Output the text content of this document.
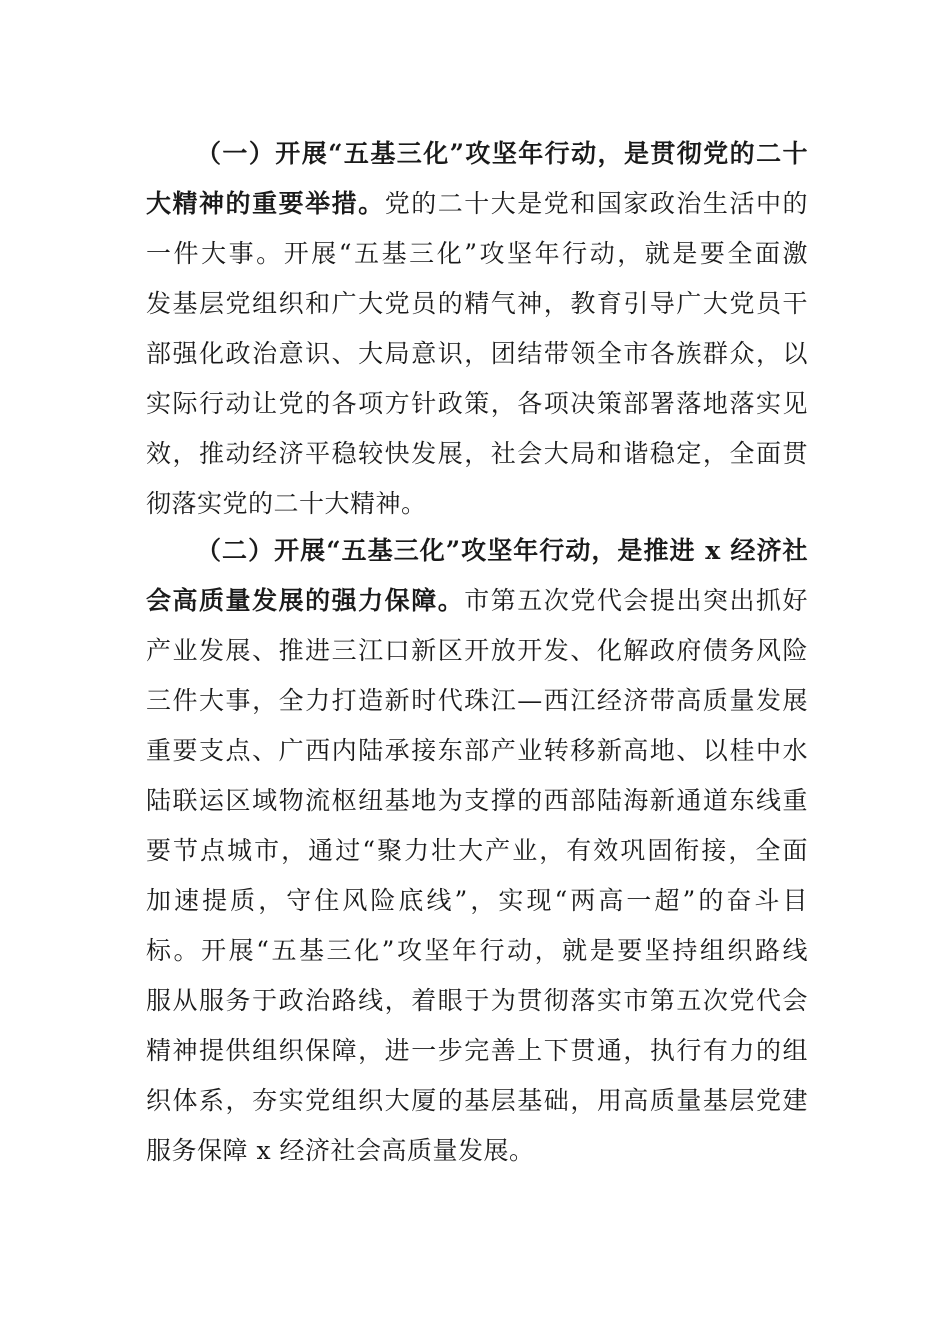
（一）开展“五基三化”攻坚年行动，是贯彻党的二十
大精神的重要举措。党的二十大是党和国家政治生活中的
一件大事。开展“五基三化”攻坚年行动，就是要全面激
发基层党组织和广大党员的精气神，教育引导广大党员干
部强化政治意识、大局意识，团结带领全市各族群众，以
实际行动让党的各项方针政策，各项决策部署落地落实见
效，推动经济平稳较快发展，社会大局和谐稳定，全面贯
彻落实党的二十大精神。
（二）开展“五基三化”攻坚年行动，是推进 x 经济社
会高质量发展的强力保障。市第五次党代会提出突出抓好
产业发展、推进三江口新区开放开发、化解政府债务风险
三件大事，全力打造新时代珠江—西江经济带高质量发展
重要支点、广西内陆承接东部产业转移新高地、以桂中水
陆联运区域物流枢纽基地为支撑的西部陆海新通道东线重
要节点城市，通过“聚力壮大产业，有效巩固衔接，全面
加速提质，守住风险底线”，实现“两高一超”的奋斗目
标。开展“五基三化”攻坚年行动，就是要坚持组织路线
服从服务于政治路线，着眼于为贯彻落实市第五次党代会
精神提供组织保障，进一步完善上下贯通，执行有力的组
织体系，夯实党组织大厦的基层基础，用高质量基层党建
服务保障 x 经济社会高质量发展。
